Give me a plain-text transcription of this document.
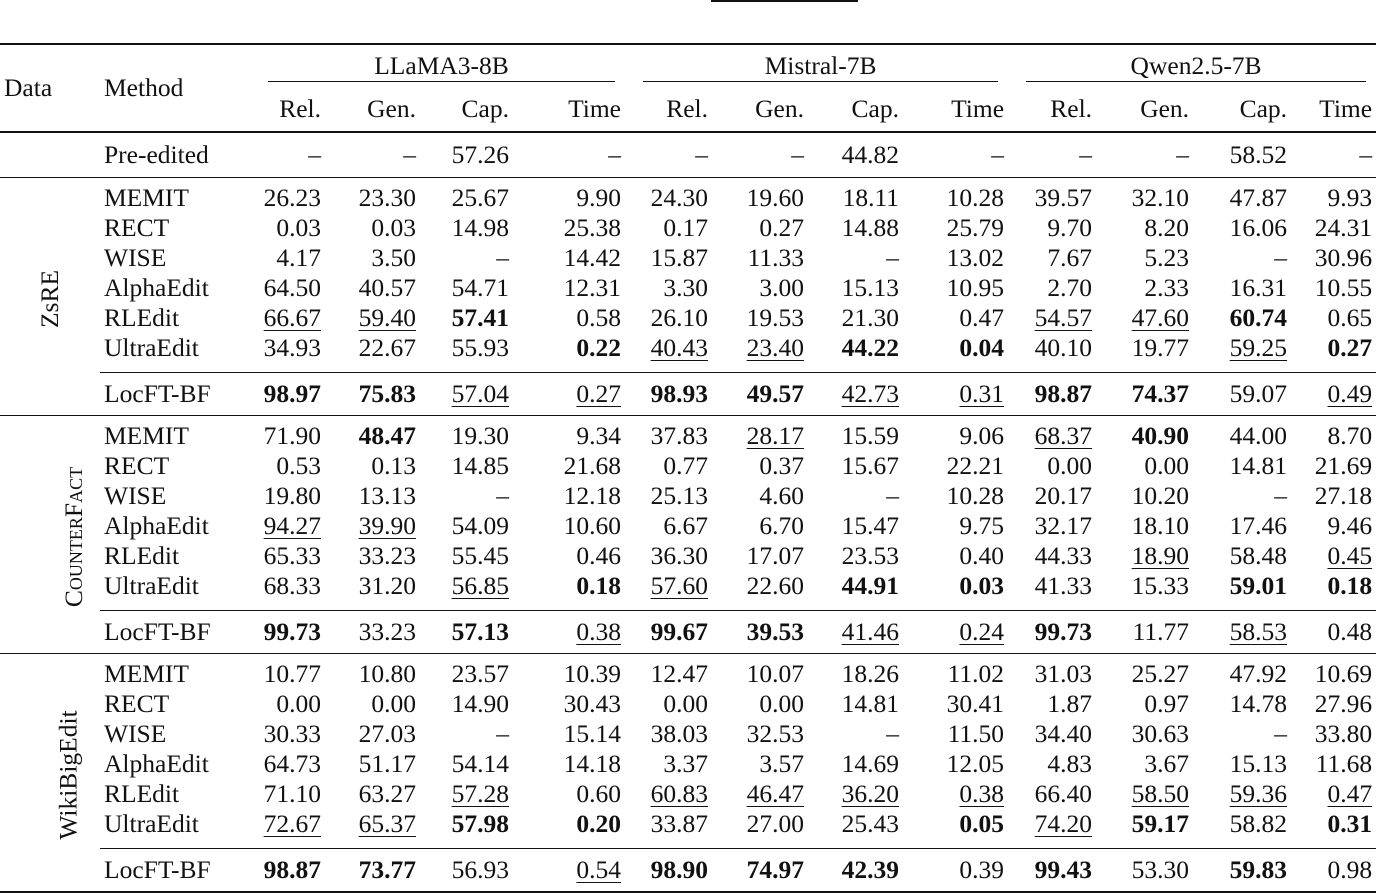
Data	Method	LLaMA3-8B				Mistral-7B				Qwen2.5-7B			

		Rel.	Gen.	Cap.	Time	Rel.	Gen.	Cap.	Time	Rel.	Gen.	Cap.	Time
	Pre-edited	–	–	57.26	–	–	–	44.82	–	–	–	58.52	–
ZsRE	MEMIT	26.23	23.30	25.67	9.90	24.30	19.60	18.11	10.28	39.57	32.10	47.87	9.93
	RECT	0.03	0.03	14.98	25.38	0.17	0.27	14.88	25.79	9.70	8.20	16.06	24.31
	WISE	4.17	3.50	–	14.42	15.87	11.33	–	13.02	7.67	5.23	–	30.96
	AlphaEdit	64.50	40.57	54.71	12.31	3.30	3.00	15.13	10.95	2.70	2.33	16.31	10.55
	RLEdit	66.67	59.40	57.41	0.58	26.10	19.53	21.30	0.47	54.57	47.60	60.74	0.65
	UltraEdit	34.93	22.67	55.93	0.22	40.43	23.40	44.22	0.04	40.10	19.77	59.25	0.27
	LocFT-BF	98.97	75.83	57.04	0.27	98.93	49.57	42.73	0.31	98.87	74.37	59.07	0.49
CounterFact	MEMIT	71.90	48.47	19.30	9.34	37.83	28.17	15.59	9.06	68.37	40.90	44.00	8.70
	RECT	0.53	0.13	14.85	21.68	0.77	0.37	15.67	22.21	0.00	0.00	14.81	21.69
	WISE	19.80	13.13	–	12.18	25.13	4.60	–	10.28	20.17	10.20	–	27.18
	AlphaEdit	94.27	39.90	54.09	10.60	6.67	6.70	15.47	9.75	32.17	18.10	17.46	9.46
	RLEdit	65.33	33.23	55.45	0.46	36.30	17.07	23.53	0.40	44.33	18.90	58.48	0.45
	UltraEdit	68.33	31.20	56.85	0.18	57.60	22.60	44.91	0.03	41.33	15.33	59.01	0.18
	LocFT-BF	99.73	33.23	57.13	0.38	99.67	39.53	41.46	0.24	99.73	11.77	58.53	0.48
WikiBigEdit	MEMIT	10.77	10.80	23.57	10.39	12.47	10.07	18.26	11.02	31.03	25.27	47.92	10.69
	RECT	0.00	0.00	14.90	30.43	0.00	0.00	14.81	30.41	1.87	0.97	14.78	27.96
	WISE	30.33	27.03	–	15.14	38.03	32.53	–	11.50	34.40	30.63	–	33.80
	AlphaEdit	64.73	51.17	54.14	14.18	3.37	3.57	14.69	12.05	4.83	3.67	15.13	11.68
	RLEdit	71.10	63.27	57.28	0.60	60.83	46.47	36.20	0.38	66.40	58.50	59.36	0.47
	UltraEdit	72.67	65.37	57.98	0.20	33.87	27.00	25.43	0.05	74.20	59.17	58.82	0.31
	LocFT-BF	98.87	73.77	56.93	0.54	98.90	74.97	42.39	0.39	99.43	53.30	59.83	0.98
